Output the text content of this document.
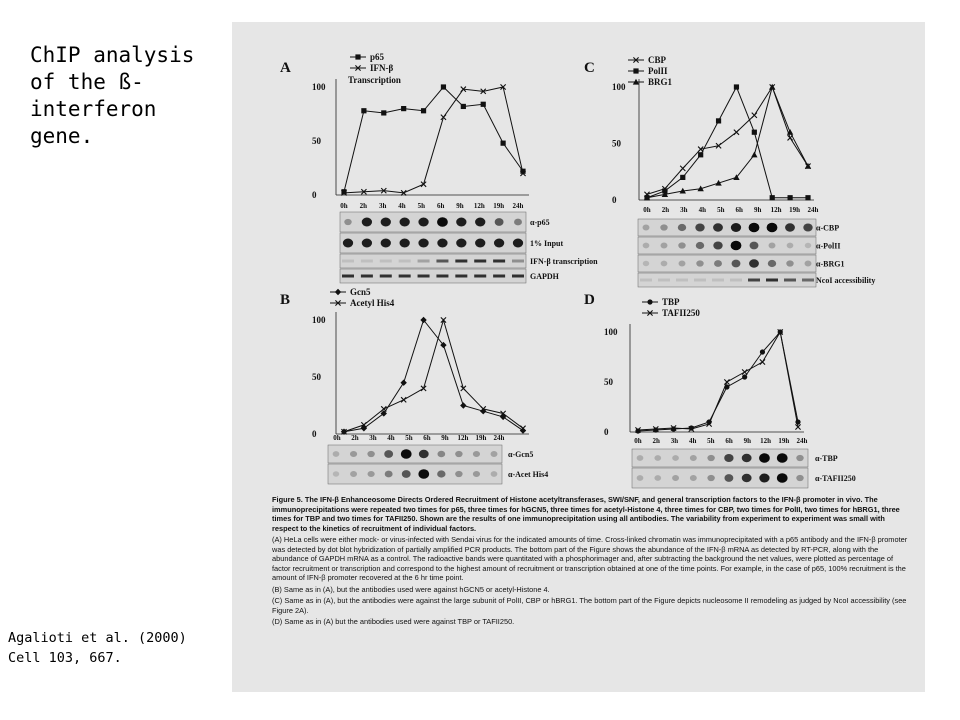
ChIP analysis
of the ß-
interferon
gene.
Agalioti et al. (2000)
Cell 103, 667.
A
0
50
100
p65
IFN-β
Transcription
0h 2h 3h 4h 5h 6h 9h 12h 19h 24h
α-p65
1% Input
IFN-β transcription
GAPDH
B
0
50
100
Gcn5
Acetyl His4
0h 2h 3h 4h 5h 6h 9h 12h 19h 24h
α-Gcn5
α-Acet His4
C
0
50
100
CBP
PolII
BRG1
0h 2h 3h 4h 5h 6h 9h 12h 19h 24h
α-CBP
α-PolII
α-BRG1
NcoI accessibility
D
0
50
100
TBP
TAFII250
0h 2h 3h 4h 5h 6h 9h 12h 19h 24h
α-TBP
α-TAFII250

Figure 5. The IFN-β Enhanceosome Directs Ordered Recruitment of Histone acetyltransferases, SWI/SNF, and general transcription factors to the IFN-β promoter in vivo. The immunoprecipitations were repeated two times for p65, three times for hGCN5, three times for acetyl-Histone 4, three times for CBP, two times for PolII, two times for hBRG1, three times for TBP and two times for TAFII250. Shown are the results of one immunoprecipitation using all antibodies. The variability from experiment to experiment was small with respect to the kinetics of recruitment of individual factors.

(A) HeLa cells were either mock- or virus-infected with Sendai virus for the indicated amounts of time. Cross-linked chromatin was immunoprecipitated with a p65 antibody and the IFN-β promoter was detected by dot blot hybridization of partially amplified PCR products. The bottom part of the Figure shows the abundance of the IFN-β mRNA as detected by RT-PCR, along with the abundance of GAPDH mRNA as a control. The radioactive bands were quantitated with a phosphorimager and, after subtracting the background the net values, were plotted as percentage of factor recruitment or transcription and correspond to the highest amount of recruitment or transcription obtained at one of the time points. For example, in the case of p65, 100% recruitment is the amount of IFN-β promoter recovered at the 6 hr time point.

(B) Same as in (A), but the antibodies used were against hGCN5 or acetyl-Histone 4.

(C) Same as in (A), but the antibodies were against the large subunit of PolII, CBP or hBRG1. The bottom part of the Figure depicts nucleosome II remodeling as judged by NcoI accessibility (see Figure 2A).

(D) Same as in (A) but the antibodies used were against TBP or TAFII250.
